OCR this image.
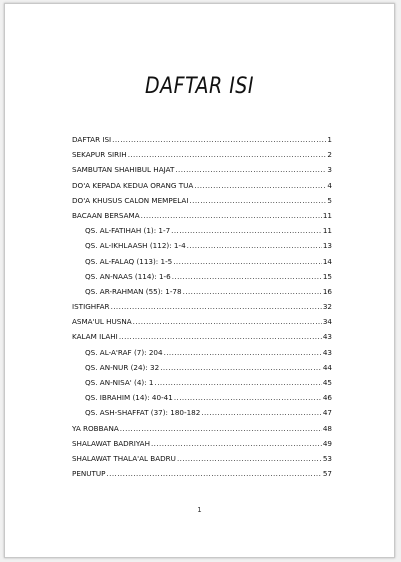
DAFTAR ISI
DAFTAR ISI .....	1
SEKAPUR SIRIH .....	2
SAMBUTAN SHAHIBUL HAJAT .....	3
DO'A KEPADA KEDUA ORANG TUA .....	4
DO'A KHUSUS CALON MEMPELAI .....	5
BACAAN BERSAMA .....	11
QS. AL-FATIHAH (1): 1-7 .....	11
QS. AL-IKHLAASH (112): 1-4 .....	13
QS. AL-FALAQ (113): 1-5 .....	14
QS. AN-NAAS (114): 1-6 .....	15
QS. AR-RAHMAN (55): 1-78 .....	16
ISTIGHFAR .....	32
ASMA'UL HUSNA .....	34
KALAM ILAHI .....	43
QS. AL-A'RAF (7): 204 .....	43
QS. AN-NUR (24): 32 .....	44
QS. AN-NISA' (4): 1 .....	45
QS. IBRAHIM (14): 40-41 .....	46
QS. ASH-SHAFFAT (37): 180-182 .....	47
YA ROBBANA .....	48
SHALAWAT BADRIYAH .....	49
SHALAWAT THALA'AL BADRU .....	53
PENUTUP .....	57
1
